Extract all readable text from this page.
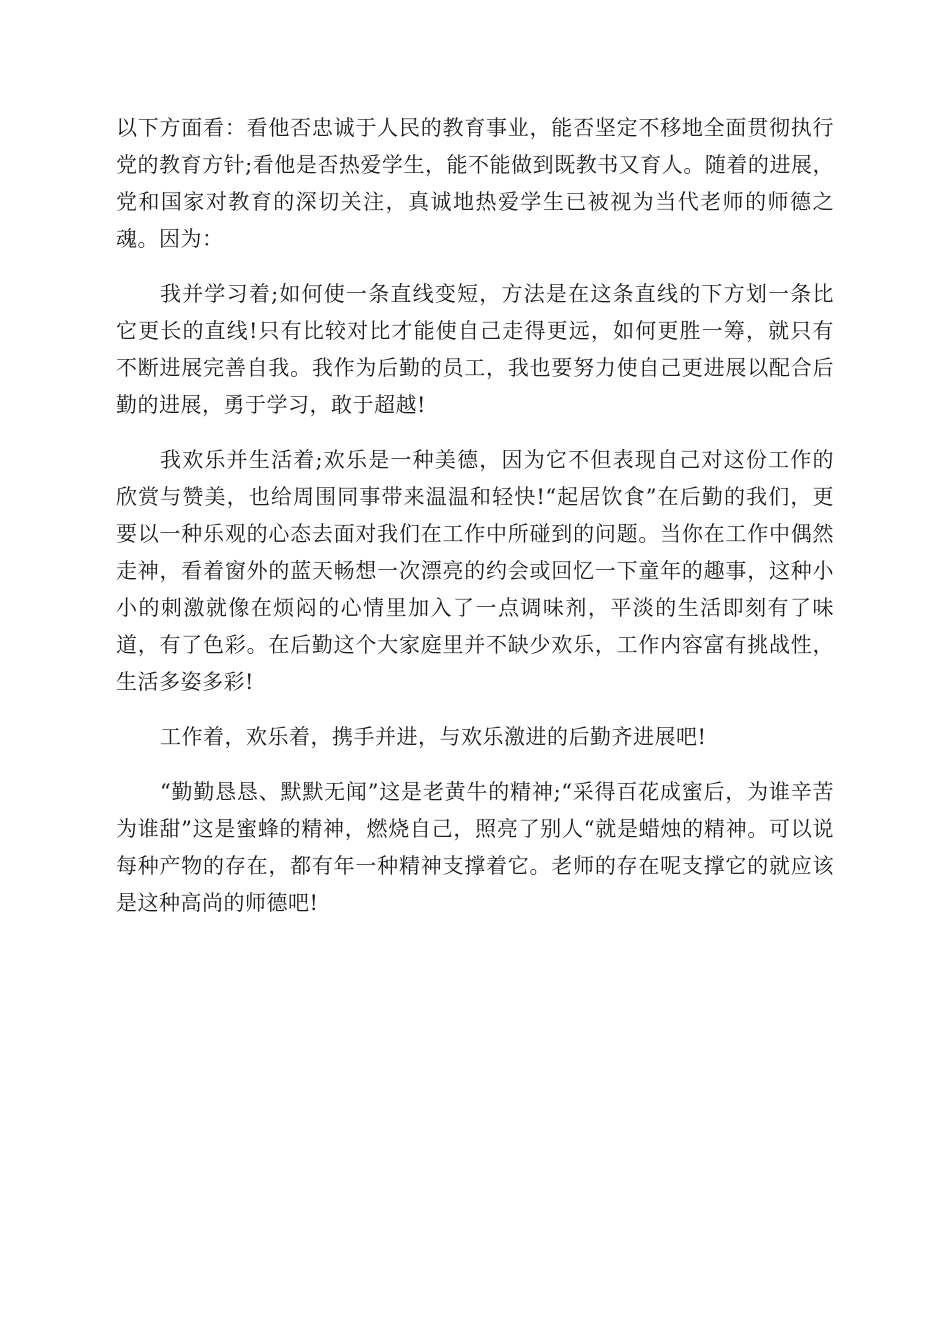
以下方面看：看他否忠诚于人民的教育事业，能否坚定不移地全面贯彻执行党的教育方针;看他是否热爱学生，能不能做到既教书又育人。随着的进展，党和国家对教育的深切关注，真诚地热爱学生已被视为当代老师的师德之魂。因为：

我并学习着;如何使一条直线变短，方法是在这条直线的下方划一条比它更长的直线!只有比较对比才能使自己走得更远，如何更胜一筹，就只有不断进展完善自我。我作为后勤的员工，我也要努力使自己更进展以配合后勤的进展，勇于学习，敢于超越!

我欢乐并生活着;欢乐是一种美德，因为它不但表现自己对这份工作的欣赏与赞美，也给周围同事带来温温和轻快!“起居饮食”在后勤的我们，更要以一种乐观的心态去面对我们在工作中所碰到的问题。当你在工作中偶然走神，看着窗外的蓝天畅想一次漂亮的约会或回忆一下童年的趣事，这种小小的刺激就像在烦闷的心情里加入了一点调味剂，平淡的生活即刻有了味道，有了色彩。在后勤这个大家庭里并不缺少欢乐，工作内容富有挑战性，生活多姿多彩!

工作着，欢乐着，携手并进，与欢乐激进的后勤齐进展吧!

“勤勤恳恳、默默无闻”这是老黄牛的精神;“采得百花成蜜后，为谁辛苦为谁甜”这是蜜蜂的精神，燃烧自己，照亮了别人“就是蜡烛的精神。可以说每种产物的存在，都有年一种精神支撑着它。老师的存在呢支撑它的就应该是这种高尚的师德吧!
